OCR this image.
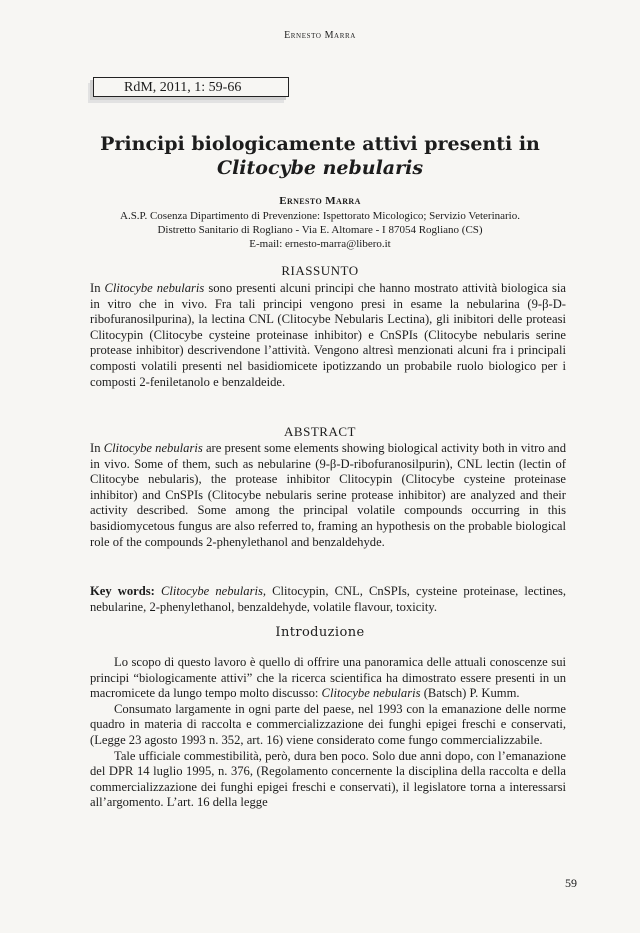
Ernesto Marra
RdM, 2011, 1: 59-66
Principi biologicamente attivi presenti in
Clitocybe nebularis
Ernesto Marra
A.S.P. Cosenza Dipartimento di Prevenzione: Ispettorato Micologico; Servizio Veterinario.
Distretto Sanitario di Rogliano - Via E. Altomare - I 87054 Rogliano (CS)
E-mail: ernesto-marra@libero.it
RIASSUNTO

In Clitocybe nebularis sono presenti alcuni principi che hanno mostrato attività biologica sia in vitro che in vivo. Fra tali principi vengono presi in esame la nebularina (9-β-D-ribofuranosilpurina), la lectina CNL (Clitocybe Nebularis Lectina), gli inibitori delle proteasi Clitocypin (Clitocybe cysteine proteinase inhibitor) e CnSPIs (Clitocybe nebularis serine protease inhibitor) descrivendone l’attività. Vengono altresì menzionati alcuni fra i principali composti volatili presenti nel basidiomicete ipotizzando un probabile ruolo biologico per i composti 2-feniletanolo e benzaldeide.

ABSTRACT

In Clitocybe nebularis are present some elements showing biological activity both in vitro and in vivo. Some of them, such as nebularine (9-β-D-ribofuranosilpurin), CNL lectin (lectin of Clitocybe nebularis), the protease inhibitor Clitocypin (Clitocybe cysteine proteinase inhibitor) and CnSPIs (Clitocybe nebularis serine protease inhibitor) are analyzed and their activity described. Some among the principal volatile compounds occurring in this basidiomycetous fungus are also referred to, framing an hypothesis on the probable biological role of the compounds 2-phenylethanol and benzaldehyde.

Key words: Clitocybe nebularis, Clitocypin, CNL, CnSPIs, cysteine proteinase, lectines, nebularine, 2-phenylethanol, benzaldehyde, volatile flavour, toxicity.

Introduzione

Lo scopo di questo lavoro è quello di offrire una panoramica delle attuali conoscenze sui principi “biologicamente attivi” che la ricerca scientifica ha dimostrato essere presenti in un macromicete da lungo tempo molto discusso: Clitocybe nebularis (Batsch) P. Kumm.

Consumato largamente in ogni parte del paese, nel 1993 con la emanazione delle norme quadro in materia di raccolta e commercializzazione dei funghi epigei freschi e conservati, (Legge 23 agosto 1993 n. 352, art. 16) viene considerato come fungo commercializzabile.

Tale ufficiale commestibilità, però, dura ben poco. Solo due anni dopo, con l’emanazione del DPR 14 luglio 1995, n. 376, (Regolamento concernente la disciplina della raccolta e della commercializzazione dei funghi epigei freschi e conservati), il legislatore torna a interessarsi all’argomento. L’art. 16 della legge

59
